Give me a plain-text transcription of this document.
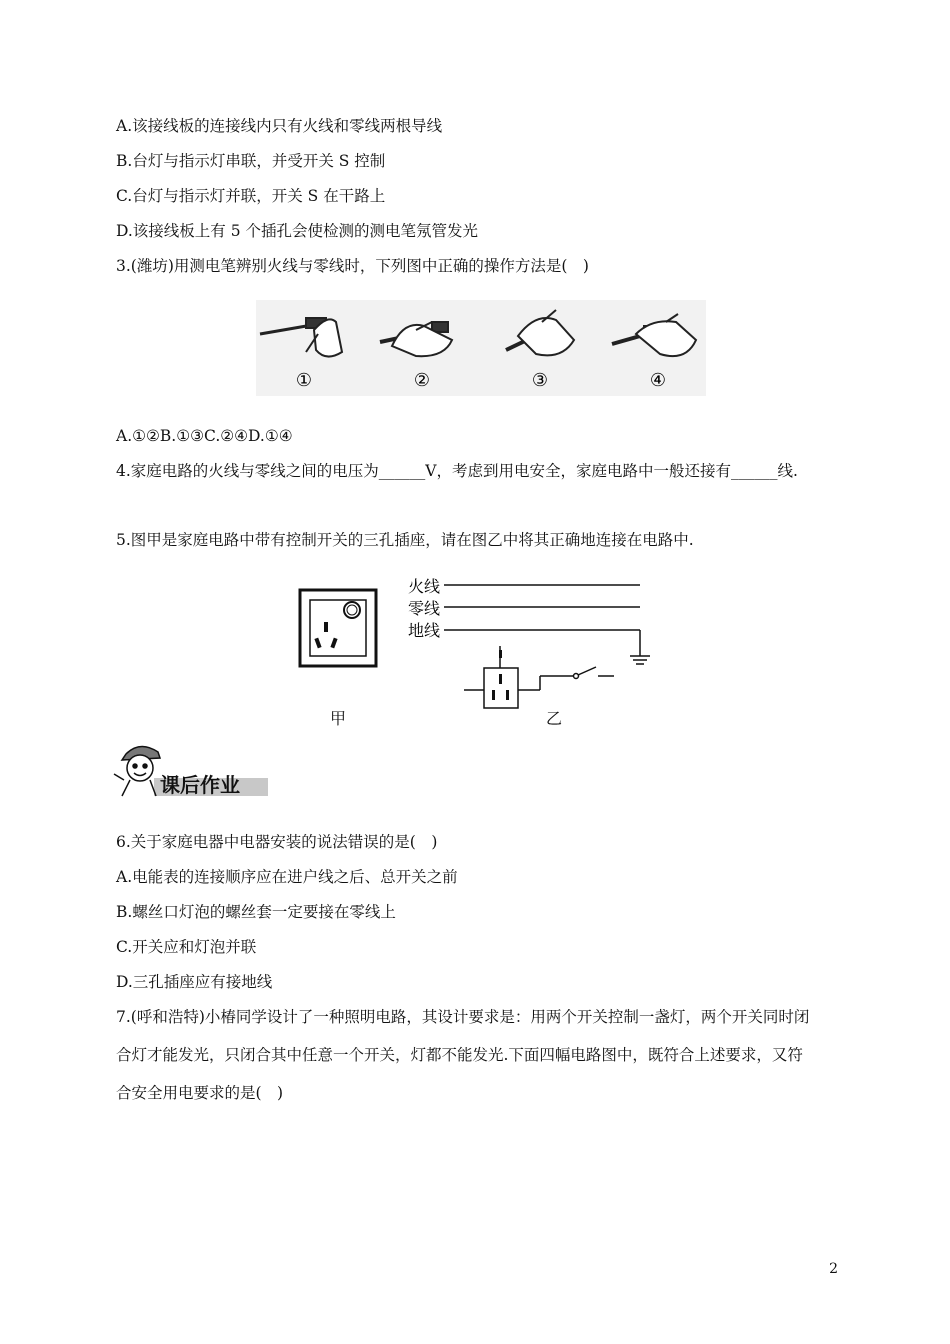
A.该接线板的连接线内只有火线和零线两根导线
B.台灯与指示灯串联，并受开关 S 控制
C.台灯与指示灯并联，开关 S 在干路上
D.该接线板上有 5 个插孔会使检测的测电笔氖管发光
3.(潍坊)用测电笔辨别火线与零线时，下列图中正确的操作方法是(　)
①	②	③	④
A.①②B.①③C.②④D.①④
4.家庭电路的火线与零线之间的电压为______V，考虑到用电安全，家庭电路中一般还接有______线.
5.图甲是家庭电路中带有控制开关的三孔插座，请在图乙中将其正确地连接在电路中.
火线
零线
地线
甲	乙
课后作业
6.关于家庭电器中电器安装的说法错误的是(　)
A.电能表的连接顺序应在进户线之后、总开关之前
B.螺丝口灯泡的螺丝套一定要接在零线上
C.开关应和灯泡并联
D.三孔插座应有接地线
7.(呼和浩特)小椿同学设计了一种照明电路，其设计要求是：用两个开关控制一盏灯，两个开关同时闭
合灯才能发光，只闭合其中任意一个开关，灯都不能发光.下面四幅电路图中，既符合上述要求，又符
合安全用电要求的是(　)
2
